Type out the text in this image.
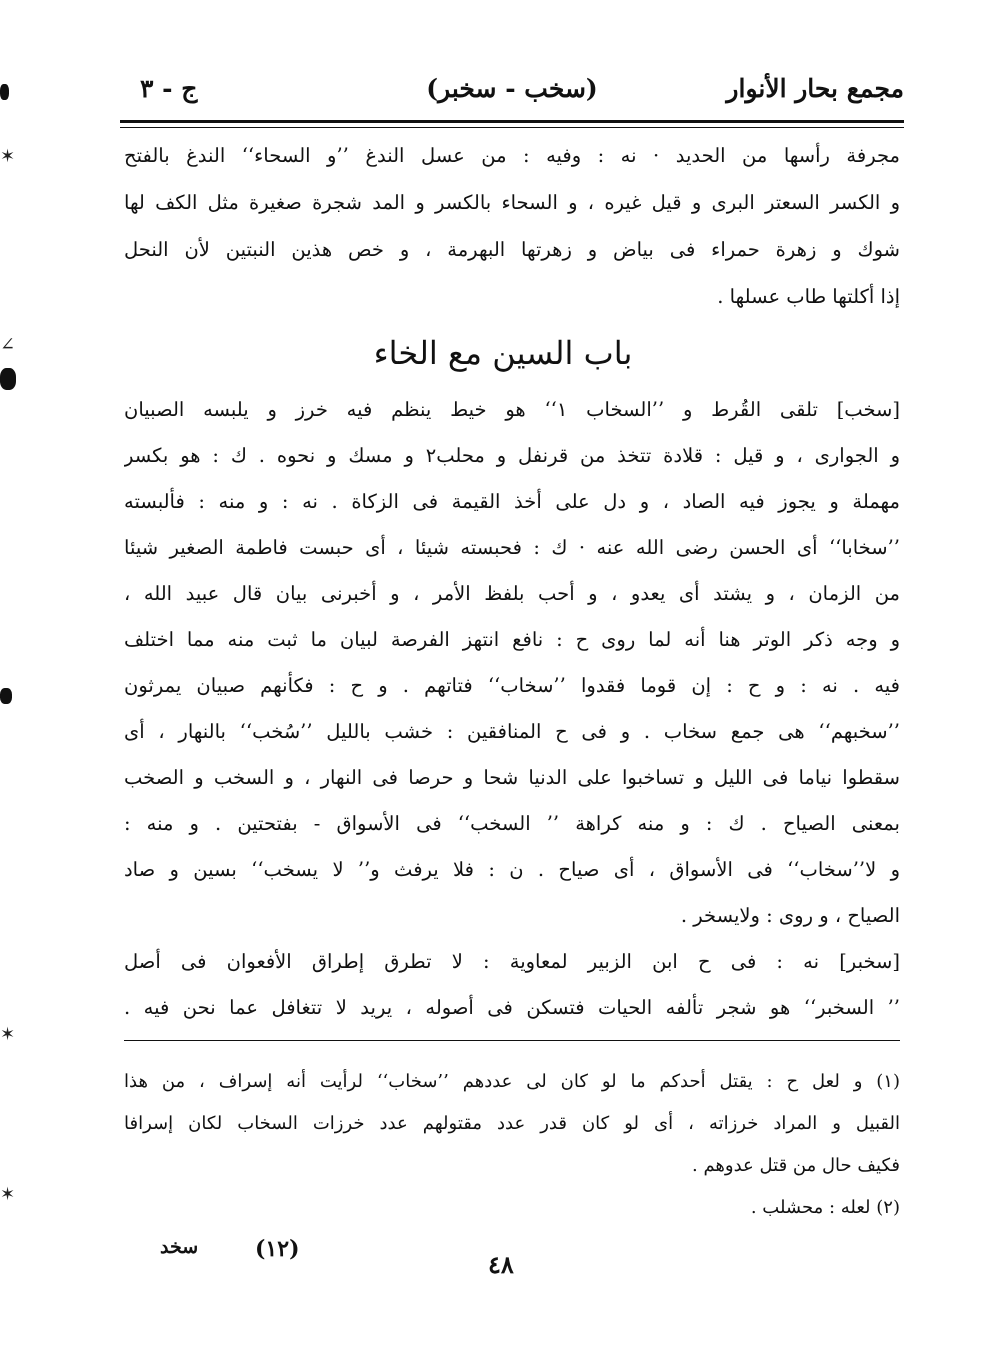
مجمع بحار الأنوار
(سخب - سخبر)
ج - ٣
مجرفة رأسها من الحديد · نه : وفيه : من عسل الندغ ’’و السحاء‘‘ الندغ بالفتح
و الكسر السعتر البرى و قيل غيره ، و السحاء بالكسر و المد شجرة صغيرة مثل الكف لها
شوك و زهرة حمراء فى بياض و زهرتها البهرمة ، و خص هذين النبتين لأن النحل
إذا أكلتها طاب عسلها .
باب السين مع الخاء
[سخب] تلقى القُرط و ’’السخاب ۱‘‘ هو خيط ينظم فيه خرز و يلبسه الصبيان
و الجوارى ، و قيل : قلادة تتخذ من قرنفل و محلب۲ و مسك و نحوه . ك : هو بكسر
مهملة و يجوز فيه الصاد ، و دل على أخذ القيمة فى الزكاة . نه : و منه : فألبسته
’’سخابا‘‘ أى الحسن رضى الله عنه · ك : فحبسته شيئا ، أى حبست فاطمة الصغير شيئا
من الزمان ، و يشتد أى يعدو ، و أحب بلفظ الأمر ، و أخبرنى بيان قال عبيد الله ،
و وجه ذكر الوتر هنا أنه لما روى ح : نافع انتهز الفرصة لبيان ما ثبت منه مما اختلف
فيه . نه : و ح : إن قوما فقدوا ’’سخاب‘‘ فتاتهم . و ح : فكأنهم صبيان يمرثون
’’سخبهم‘‘ هى جمع سخاب . و فى ح المنافقين : خشب بالليل ’’سُخب‘‘ بالنهار ، أى
سقطوا نياما فى الليل و تساخبوا على الدنيا شحا و حرصا فى النهار ، و السخب و الصخب
بمعنى الصياح . ك : و منه كراهة ’’ السخب‘‘ فى الأسواق - بفتحتين . و منه :
و لا’’سخاب‘‘ فى الأسواق ، أى صياح . ن : فلا يرفث و’’ لا يسخب‘‘ بسين و صاد
الصياح ، و روى : ولايسخر .
[سخبر] نه : فى ح ابن الزبير لمعاوية : لا تطرق إطراق الأفعوان فى أصل
’’ السخبر‘‘ هو شجر تألفه الحيات فتسكن فى أصوله ، يريد لا تتغافل عما نحن فيه .
(۱) و لعل ح : يقتل أحدكم ما لو كان لى عددهم ’’سخاب‘‘ لرأيت أنه إسراف ، من هذا
القبيل و المراد خرزاته ، أى لو كان قدر عدد مقتولهم عدد خرزات السخاب لكان إسرافا
فكيف حال من قتل عدوهم .
(۲) لعله : محشلب .
سخد	(۱۲)
٤٨
✶
∠
✶
✶
